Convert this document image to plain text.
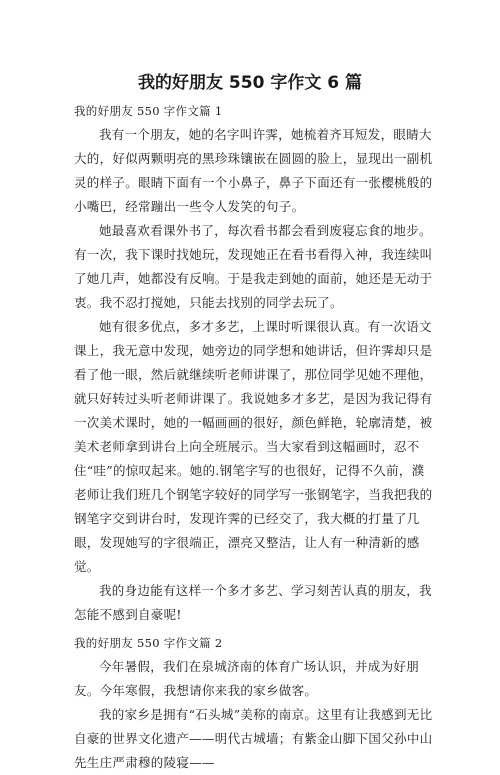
我的好朋友 550 字作文 6 篇

我的好朋友 550 字作文篇 1

我有一个朋友，她的名字叫许霁，她梳着齐耳短发，眼睛大大的，好似两颗明亮的黑珍珠镶嵌在圆圆的脸上，显现出一副机灵的样子。眼睛下面有一个小鼻子，鼻子下面还有一张樱桃般的小嘴巴，经常蹦出一些令人发笑的句子。

她最喜欢看课外书了，每次看书都会看到废寝忘食的地步。有一次，我下课时找她玩，发现她正在看书看得入神，我连续叫了她几声，她都没有反响。于是我走到她的面前，她还是无动于衷。我不忍打搅她，只能去找别的同学去玩了。

她有很多优点，多才多艺，上课时听课很认真。有一次语文课上，我无意中发现，她旁边的同学想和她讲话，但许霁却只是看了他一眼，然后就继续听老师讲课了，那位同学见她不理他，就只好转过头听老师讲课了。我说她多才多艺，是因为我记得有一次美术课时，她的一幅画画的很好，颜色鲜艳，轮廓清楚，被美术老师拿到讲台上向全班展示。当大家看到这幅画时，忍不住“哇”的惊叹起来。她的.钢笔字写的也很好，记得不久前，濮老师让我们班几个钢笔字较好的同学写一张钢笔字，当我把我的钢笔字交到讲台时，发现许霁的已经交了，我大概的打量了几眼，发现她写的字很端正，漂亮又整洁，让人有一种清新的感觉。

我的身边能有这样一个多才多艺、学习刻苦认真的朋友，我怎能不感到自豪呢!

我的好朋友 550 字作文篇 2

今年暑假，我们在泉城济南的体育广场认识，并成为好朋友。今年寒假，我想请你来我的家乡做客。

我的家乡是拥有“石头城”美称的南京。这里有让我感到无比自豪的世界文化遗产——明代古城墙；有紫金山脚下国父孙中山先生庄严肃穆的陵寝——
